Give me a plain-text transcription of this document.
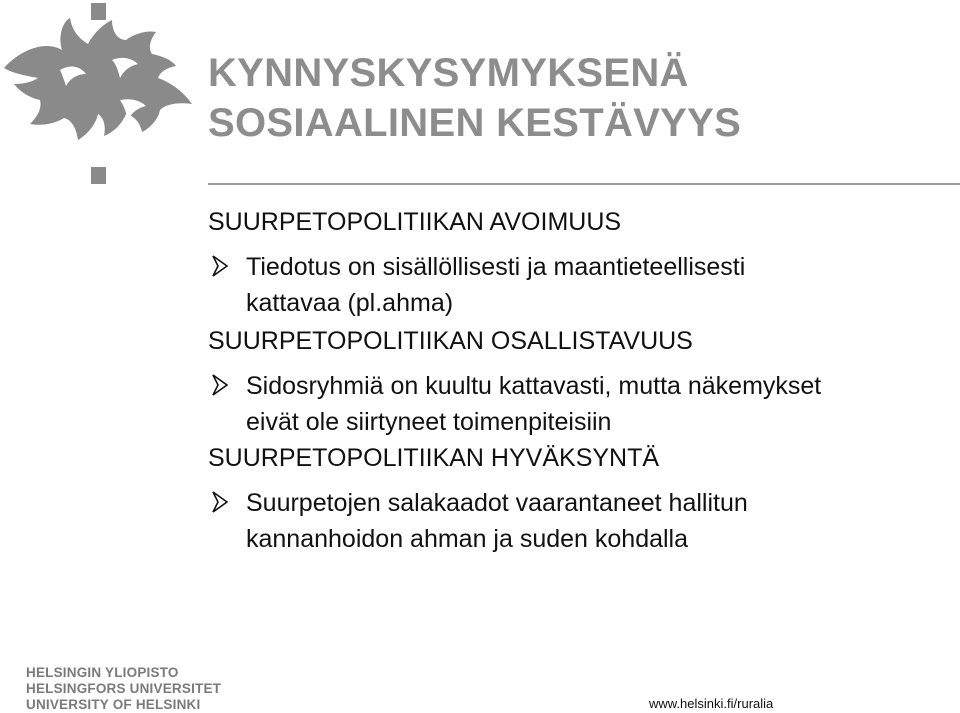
KYNNYSKYSYMYKSENÄ
SOSIAALINEN KESTÄVYYS
SUURPETOPOLITIIKAN AVOIMUUS
Tiedotus on sisällöllisesti ja maantieteellisesti
kattavaa (pl.ahma)
SUURPETOPOLITIIKAN OSALLISTAVUUS
Sidosryhmiä on kuultu kattavasti, mutta näkemykset
eivät ole siirtyneet toimenpiteisiin
SUURPETOPOLITIIKAN HYVÄKSYNTÄ
Suurpetojen salakaadot vaarantaneet hallitun
kannanhoidon ahman ja suden kohdalla
HELSINGIN YLIOPISTO
HELSINGFORS UNIVERSITET
UNIVERSITY OF HELSINKI	www.helsinki.fi/ruralia
